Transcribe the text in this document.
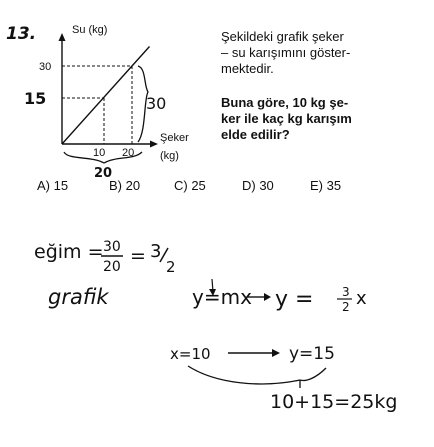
13.	Su (kg)
Şeker
(kg)
30
10 20
15	30
20
eğim = 30
20 = 3
2
grafik	y=mx y = 3
2 x
x=10	y=15
10+15=25kg
Şekildeki grafik şeker
– su karışımını göster-
mektedir.
Buna göre, 10 kg şe-
ker ile kaç kg karışım
elde edilir?
A) 15	B) 20	C) 25	D) 30	E) 35
